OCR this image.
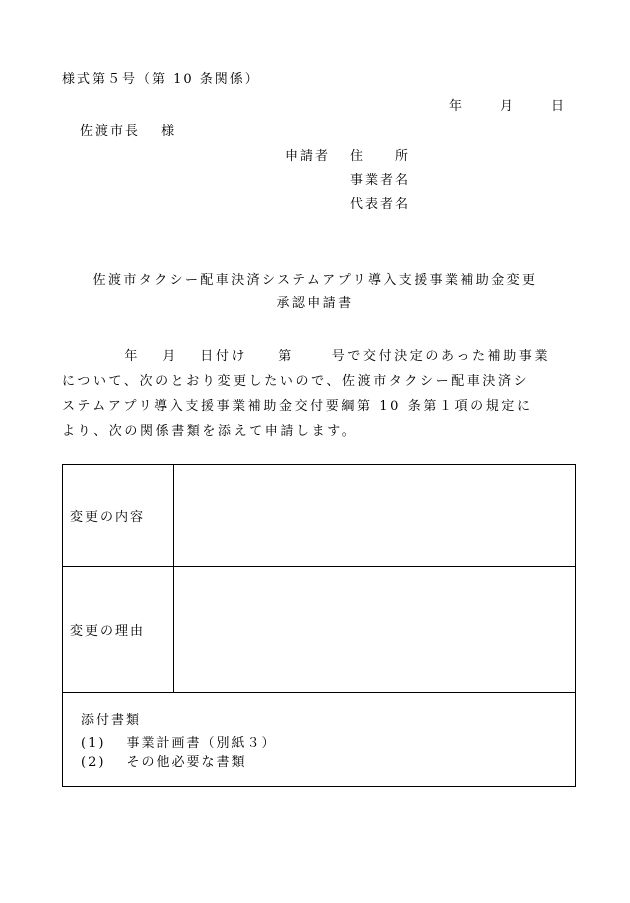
様式第５号（第 10 条関係）
年	月	日
佐渡市長　 様
申請者 住　　所
事業者名
代表者名
佐渡市タクシー配車決済システムアプリ導入支援事業補助金変更
承認申請書
　　　　年　 月　 日付け　　第　　 号で交付決定のあった補助事業
について、次のとおり変更したいので、佐渡市タクシー配車決済シ
ステムアプリ導入支援事業補助金交付要綱第 10 条第１項の規定に
より、次の関係書類を添えて申請します。
変更の内容	
変更の理由	

添付書類
(1)　 事業計画書（別紙３）
(2)　 その他必要な書類	
